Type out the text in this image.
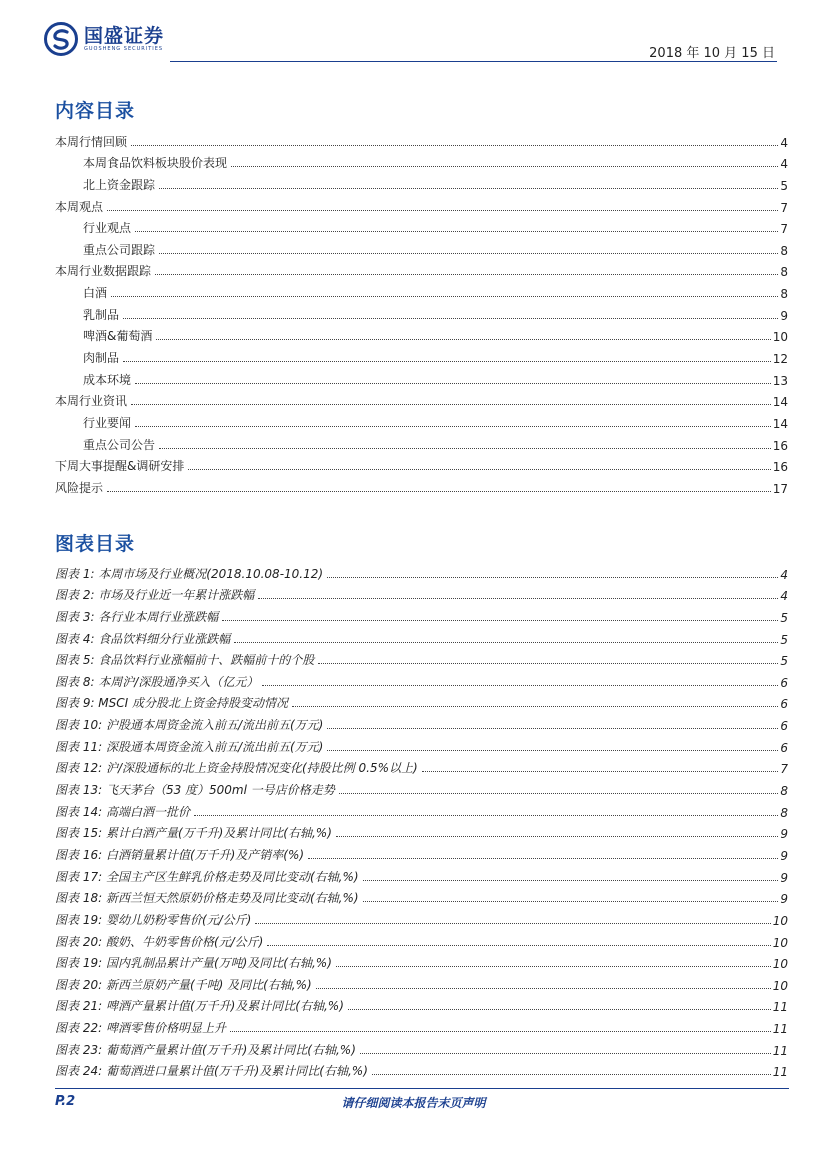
国盛证券
GUOSHENG SECURITIES	2018 年 10 月 15 日
内容目录
本周行情回顾	4
本周食品饮料板块股价表现	4
北上资金跟踪	5
本周观点	7
行业观点	7
重点公司跟踪	8
本周行业数据跟踪	8
白酒	8
乳制品	9
啤酒&葡萄酒	10
肉制品	12
成本环境	13
本周行业资讯	14
行业要闻	14
重点公司公告	16
下周大事提醒&调研安排	16
风险提示	17
图表目录
图表 1: 本周市场及行业概况(2018.10.08-10.12)	4
图表 2: 市场及行业近一年累计涨跌幅	4
图表 3: 各行业本周行业涨跌幅	5
图表 4: 食品饮料细分行业涨跌幅	5
图表 5: 食品饮料行业涨幅前十、跌幅前十的个股	5
图表 8: 本周沪/深股通净买入（亿元）	6
图表 9: MSCI 成分股北上资金持股变动情况	6
图表 10: 沪股通本周资金流入前五/流出前五(万元)	6
图表 11: 深股通本周资金流入前五/流出前五(万元)	6
图表 12: 沪/深股通标的北上资金持股情况变化(持股比例 0.5%以上)	7
图表 13: 飞天茅台（53 度）500ml 一号店价格走势	8
图表 14: 高端白酒一批价	8
图表 15: 累计白酒产量(万千升)及累计同比(右轴,%)	9
图表 16: 白酒销量累计值(万千升)及产销率(%)	9
图表 17: 全国主产区生鲜乳价格走势及同比变动(右轴,%)	9
图表 18: 新西兰恒天然原奶价格走势及同比变动(右轴,%)	9
图表 19: 婴幼儿奶粉零售价(元/公斤)	10
图表 20: 酸奶、牛奶零售价格(元/公斤)	10
图表 19: 国内乳制品累计产量(万吨)及同比(右轴,%)	10
图表 20: 新西兰原奶产量(千吨) 及同比(右轴,%)	10
图表 21: 啤酒产量累计值(万千升)及累计同比(右轴,%)	11
图表 22: 啤酒零售价格明显上升	11
图表 23: 葡萄酒产量累计值(万千升)及累计同比(右轴,%)	11
图表 24: 葡萄酒进口量累计值(万千升)及累计同比(右轴,%)	11
P.2	请仔细阅读本报告末页声明
